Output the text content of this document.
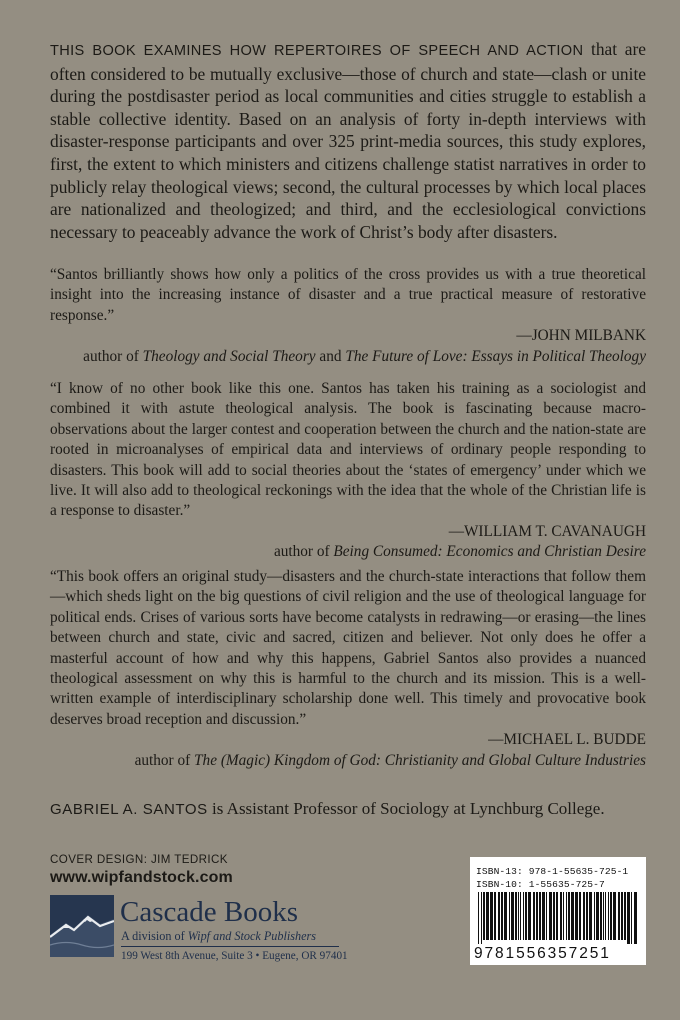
THIS BOOK EXAMINES HOW REPERTOIRES OF SPEECH AND ACTION that are often considered to be mutually exclusive—those of church and state—clash or unite during the postdisaster period as local communities and cities struggle to establish a stable collective identity. Based on an analysis of forty in-depth interviews with disaster-response participants and over 325 print-media sources, this study explores, first, the extent to which ministers and citizens challenge statist narratives in order to publicly relay theological views; second, the cultural processes by which local places are nationalized and theologized; and third, and the ecclesiological convictions necessary to peaceably advance the work of Christ’s body after disasters.

“Santos brilliantly shows how only a politics of the cross provides us with a true theoretical insight into the increasing instance of disaster and a true practical measure of restorative response.”

—JOHN MILBANK
author of Theology and Social Theory and The Future of Love: Essays in Political Theology

“I know of no other book like this one. Santos has taken his training as a sociologist and combined it with astute theological analysis. The book is fascinating because macro- observations about the larger contest and cooperation between the church and the nation-state are rooted in microanalyses of empirical data and interviews of ordinary people responding to disasters. This book will add to social theories about the ‘states of emergency’ under which we live. It will also add to theological reckonings with the idea that the whole of the Christian life is a response to disaster.”

—WILLIAM T. CAVANAUGH
author of Being Consumed: Economics and Christian Desire

“This book offers an original study—disasters and the church-state interactions that follow them—which sheds light on the big questions of civil religion and the use of theological language for political ends. Crises of various sorts have become catalysts in redrawing—or erasing—the lines between church and state, civic and sacred, citizen and believer. Not only does he offer a masterful account of how and why this happens, Gabriel Santos also provides a nuanced theological assessment on why this is harmful to the church and its mission. This is a well-written example of interdisciplinary scholarship done well. This timely and provocative book deserves broad reception and discussion.”

—MICHAEL L. BUDDE
author of The (Magic) Kingdom of God: Christianity and Global Culture Industries

GABRIEL A. SANTOS is Assistant Professor of Sociology at Lynchburg College.

COVER DESIGN: JIM TEDRICK

www.wipfandstock.com

Cascade Books

A division of Wipf and Stock Publishers

199 West 8th Avenue, Suite 3 • Eugene, OR 97401

ISBN-13: 978-1-55635-725-1

ISBN-10: 1-55635-725-7

9781556357251
